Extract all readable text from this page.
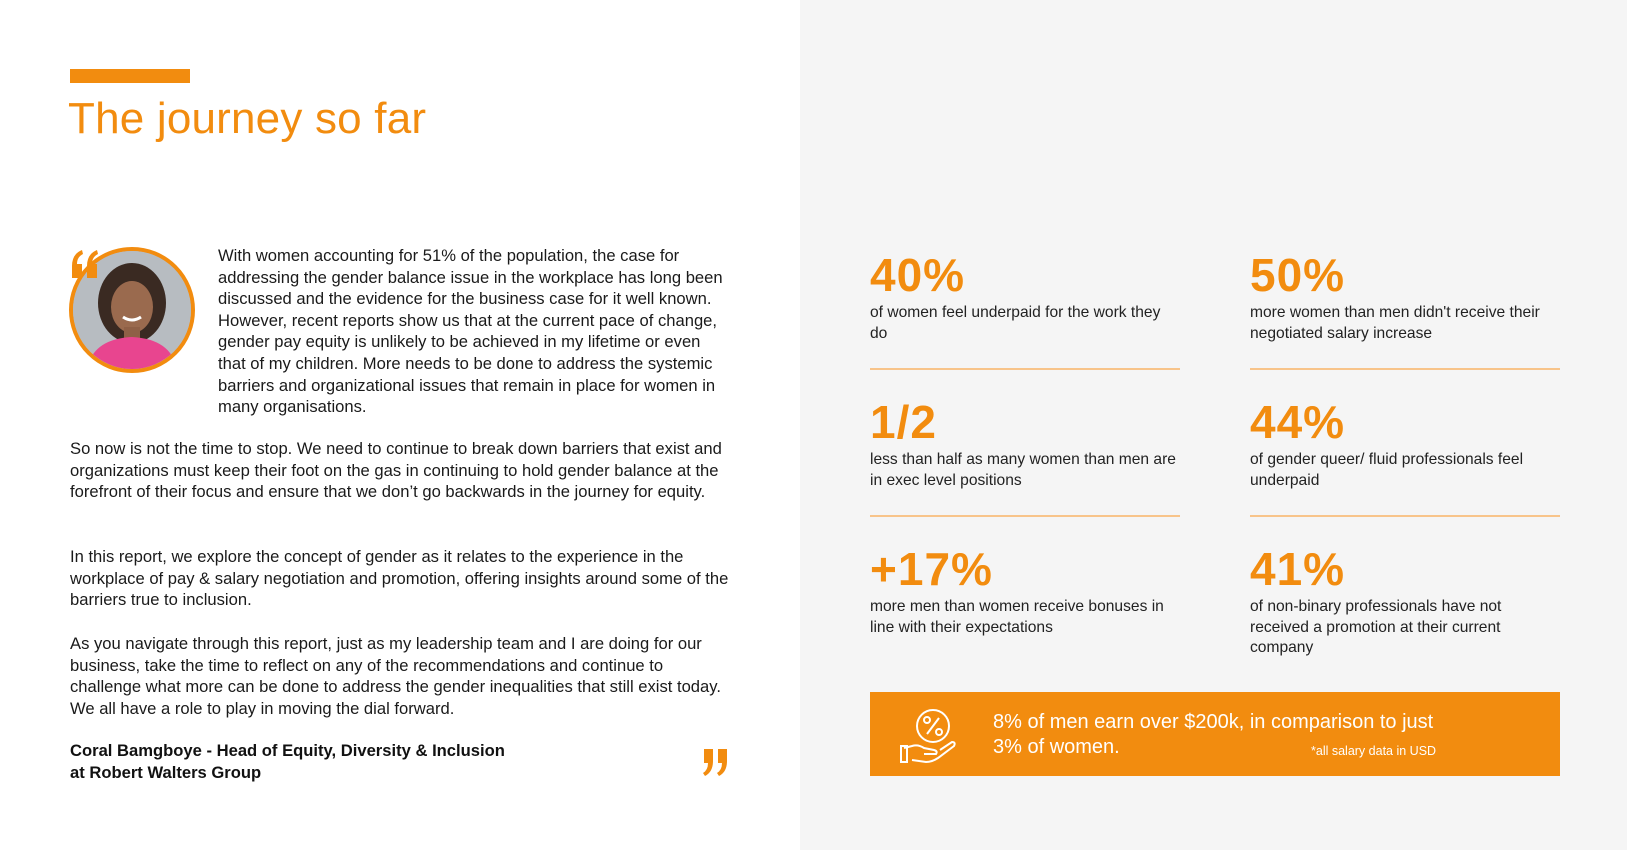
The journey so far

With women accounting for 51% of the population, the case for addressing the gender balance issue in the workplace has long been discussed and the evidence for the business case for it well known. However, recent reports show us that at the current pace of change, gender pay equity is unlikely to be achieved in my lifetime or even that of my children. More needs to be done to address the systemic barriers and organizational issues that remain in place for women in many organisations.

So now is not the time to stop. We need to continue to break down barriers that exist and organizations must keep their foot on the gas in continuing to hold gender balance at the forefront of their focus and ensure that we don’t go backwards in the journey for equity.

In this report, we explore the concept of gender as it relates to the experience in the workplace of pay & salary negotiation and promotion, offering insights around some of the barriers true to inclusion.

As you navigate through this report, just as my leadership team and I are doing for our business, take the time to reflect on any of the recommendations and continue to challenge what more can be done to address the gender inequalities that still exist today. We all have a role to play in moving the dial forward.

Coral Bamgboye - Head of Equity, Diversity & Inclusion
at Robert Walters Group

40%
of women feel underpaid for the work they do
50%
more women than men didn't receive their negotiated salary increase
1/2
less than half as many women than men are in exec level positions
44%
of gender queer/ fluid professionals feel underpaid
+17%
more men than women receive bonuses in line with their expectations
41%
of non-binary professionals have not received a promotion at their current company
8% of men earn over $200k, in comparison to just 3% of women.	*all salary data in USD
